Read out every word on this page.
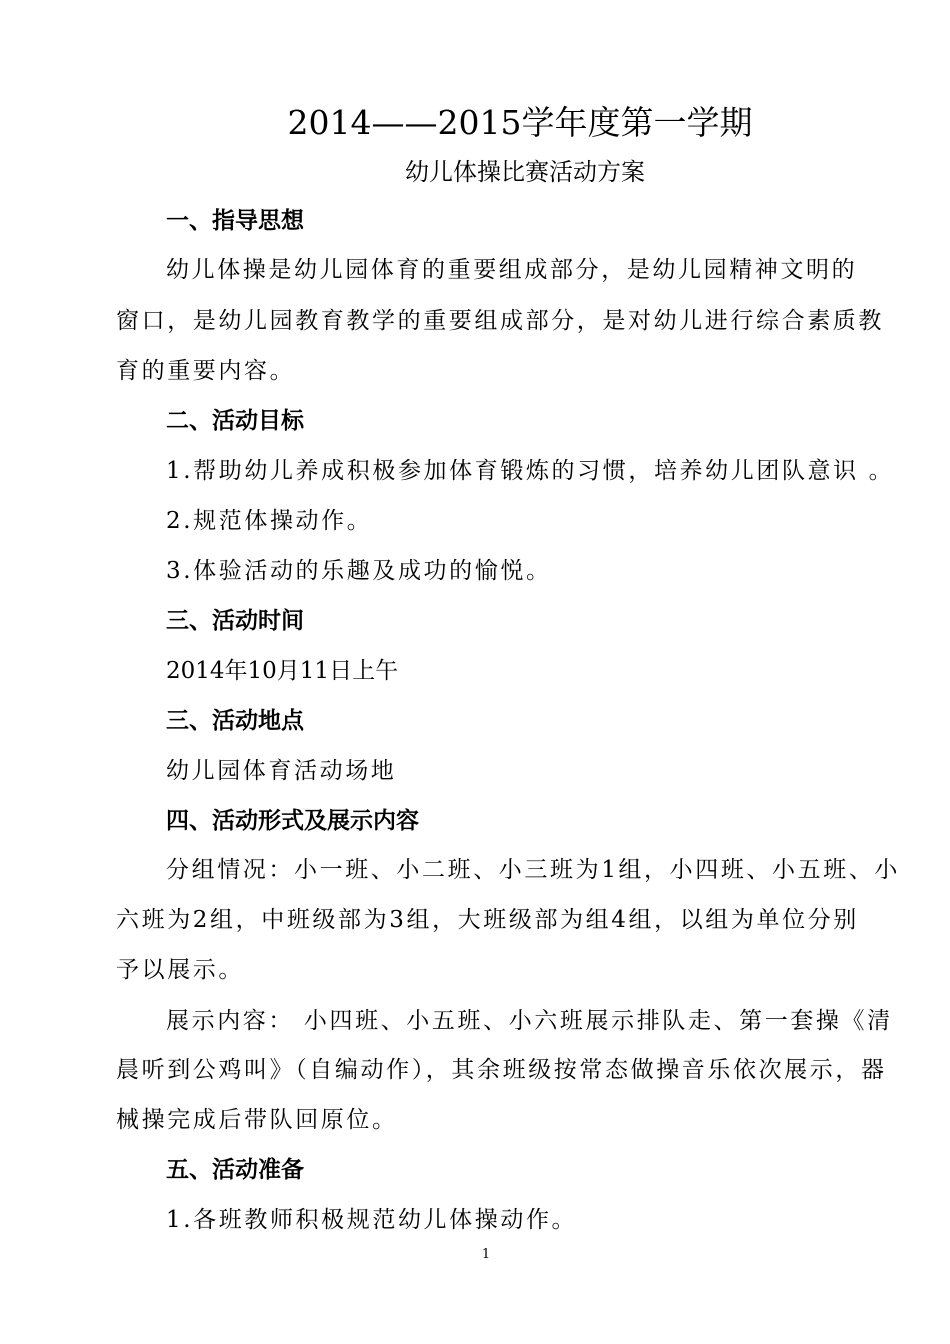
2014——2015学年度第一学期
幼儿体操比赛活动方案
一、指导思想
幼儿体操是幼儿园体育的重要组成部分，是幼儿园精神文明的
窗口，是幼儿园教育教学的重要组成部分，是对幼儿进行综合素质教
育的重要内容。
二、活动目标
1.帮助幼儿养成积极参加体育锻炼的习惯，培养幼儿团队意识 。
2.规范体操动作。
3.体验活动的乐趣及成功的愉悦。
三、活动时间
2014年10月11日上午
三、活动地点
幼儿园体育活动场地
四、活动形式及展示内容
分组情况：小一班、小二班、小三班为1组，小四班、小五班、小
六班为2组，中班级部为3组，大班级部为组4组，以组为单位分别
予以展示。
展示内容： 小四班、小五班、小六班展示排队走、第一套操《清
晨听到公鸡叫》（自编动作），其余班级按常态做操音乐依次展示，器
械操完成后带队回原位。
五、活动准备
1.各班教师积极规范幼儿体操动作。
1
